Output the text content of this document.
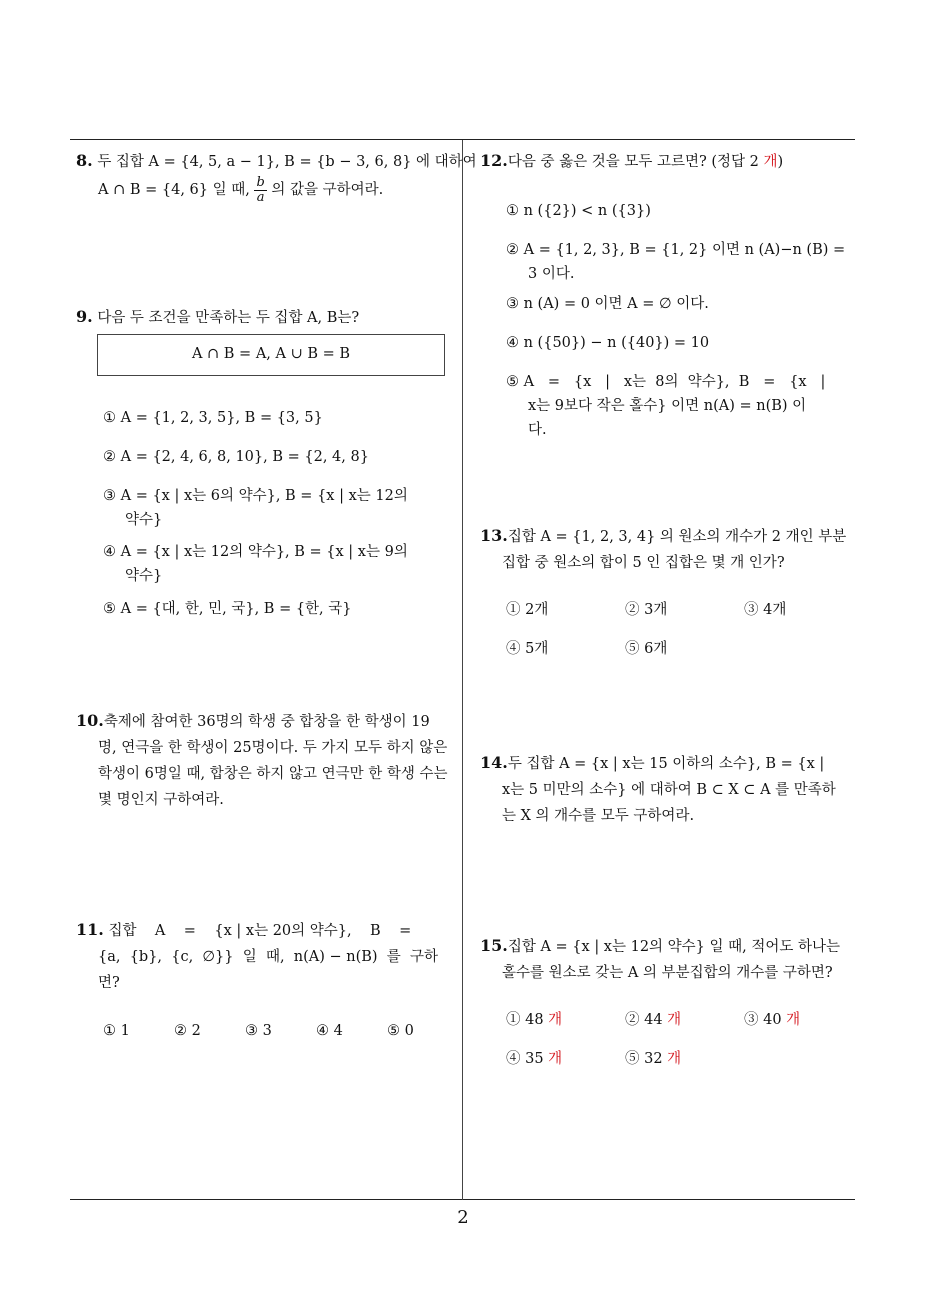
8. 두 집합 A = {4, 5, a − 1}, B = {b − 3, 6, 8} 에 대하여
A ∩ B = {4, 6} 일 때, $\frac{b}{a}$ 의 값을 구하여라.
9. 다음 두 조건을 만족하는 두 집합 A, B는?
A ∩ B = A, A ∪ B = B
① A = {1, 2, 3, 5}, B = {3, 5}
② A = {2, 4, 6, 8, 10}, B = {2, 4, 8}
③ A = {x | x는 6의 약수}, B = {x | x는 12의
약수}
④ A = {x | x는 12의 약수}, B = {x | x는 9의
약수}
⑤ A = {대, 한, 민, 국}, B = {한, 국}
10.축제에 참여한 36명의 학생 중 합창을 한 학생이 19
명, 연극을 한 학생이 25명이다. 두 가지 모두 하지 않은
학생이 6명일 때, 합창은 하지 않고 연극만 한 학생 수는
몇 명인지 구하여라.
11. 집합    A    =    {x | x는 20의 약수},    B    =
{a,  {b},  {c,  ∅}}  일  때,  n(A) − n(B)  를  구하
면?
① 1	② 2	③ 3	④ 4	⑤ 0
12.다음 중 옳은 것을 모두 고르면? (정답 2 개)
① n ({2}) < n ({3})
② A = {1, 2, 3}, B = {1, 2} 이면 n (A)−n (B) =
3 이다.
③ n (A) = 0 이면 A = ∅ 이다.
④ n ({50}) − n ({40}) = 10
⑤ A   =   {x   |   x는  8의  약수},  B   =   {x   |
x는 9보다 작은 홀수} 이면 n(A) = n(B) 이
다.
13.집합 A = {1, 2, 3, 4} 의 원소의 개수가 2 개인 부분
집합 중 원소의 합이 5 인 집합은 몇 개 인가?
① 2개	② 3개	③ 4개
④ 5개	⑤ 6개
14.두 집합 A = {x | x는 15 이하의 소수}, B = {x |
x는 5 미만의 소수} 에 대하여 B ⊂ X ⊂ A 를 만족하
는 X 의 개수를 모두 구하여라.
15.집합 A = {x | x는 12의 약수} 일 때, 적어도 하나는
홀수를 원소로 갖는 A 의 부분집합의 개수를 구하면?
① 48 개	② 44 개	③ 40 개
④ 35 개	⑤ 32 개
2
